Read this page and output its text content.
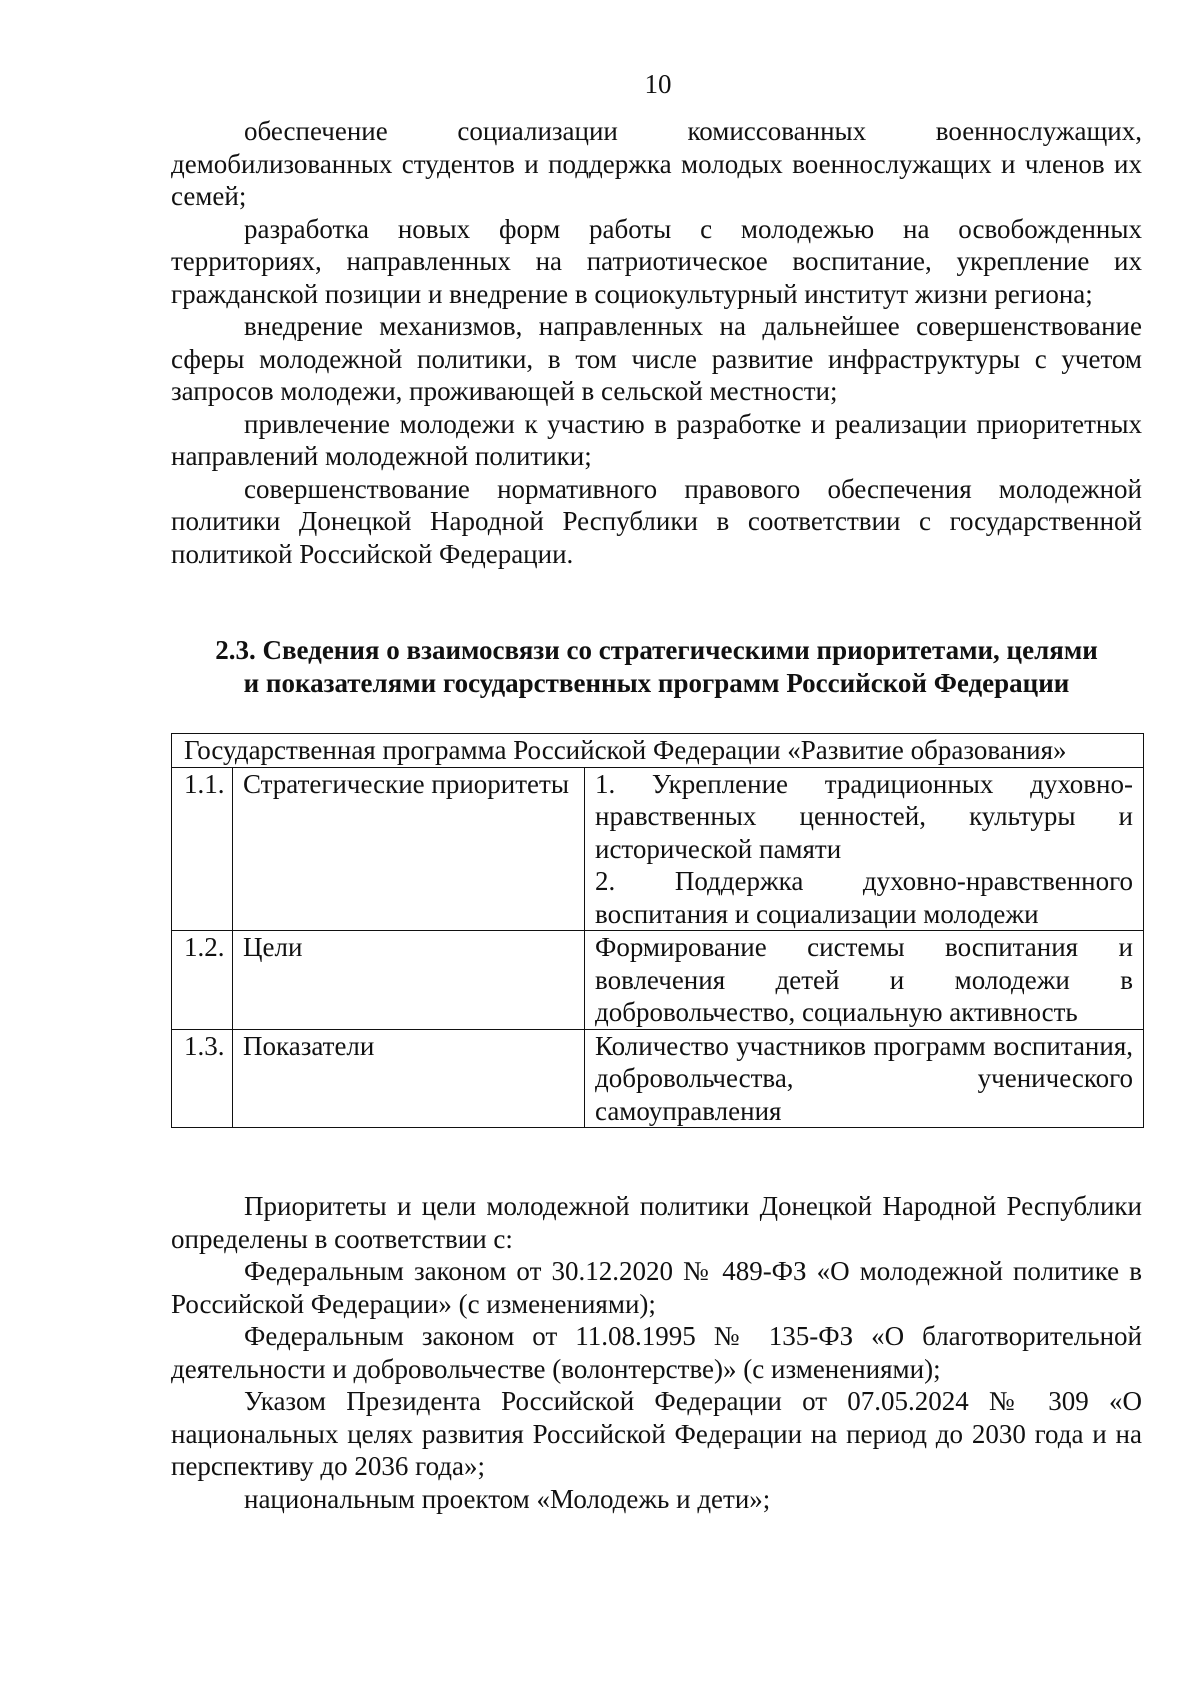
10

обеспечение социализации комиссованных военнослужащих, демобилизованных студентов и поддержка молодых военнослужащих и членов их семей;

разработка новых форм работы с молодежью на освобожденных территориях, направленных на патриотическое воспитание, укрепление их гражданской позиции и внедрение в социокультурный институт жизни региона;

внедрение механизмов, направленных на дальнейшее совершенствование сферы молодежной политики, в том числе развитие инфраструктуры с учетом запросов молодежи, проживающей в сельской местности;

привлечение молодежи к участию в разработке и реализации приоритетных направлений молодежной политики;

совершенствование нормативного правового обеспечения молодежной политики Донецкой Народной Республики в соответствии с государственной политикой Российской Федерации.

2.3. Сведения о взаимосвязи со стратегическими приоритетами, целями
и показателями государственных программ Российской Федерации
Государственная программа Российской Федерации «Развитие образования»		
1.1.	Стратегические приоритеты	1. Укрепление традиционных духовно-нравственных ценностей, культуры и исторической памяти
2. Поддержка духовно-нравственного воспитания и социализации молодежи

1.2.	Цели	Формирование системы воспитания и вовлечения детей и молодежи в добровольчество, социальную активность
1.3.	Показатели	Количество участников программ воспитания, добровольчества, ученического самоуправления

Приоритеты и цели молодежной политики Донецкой Народной Республики определены в соответствии с:

Федеральным законом от 30.12.2020 № 489-ФЗ «О молодежной политике в Российской Федерации» (с изменениями);

Федеральным законом от 11.08.1995 № 135-ФЗ «О благотворительной деятельности и добровольчестве (волонтерстве)» (с изменениями);

Указом Президента Российской Федерации от 07.05.2024 № 309 «О национальных целях развития Российской Федерации на период до 2030 года и на перспективу до 2036 года»;

национальным проектом «Молодежь и дети»;
